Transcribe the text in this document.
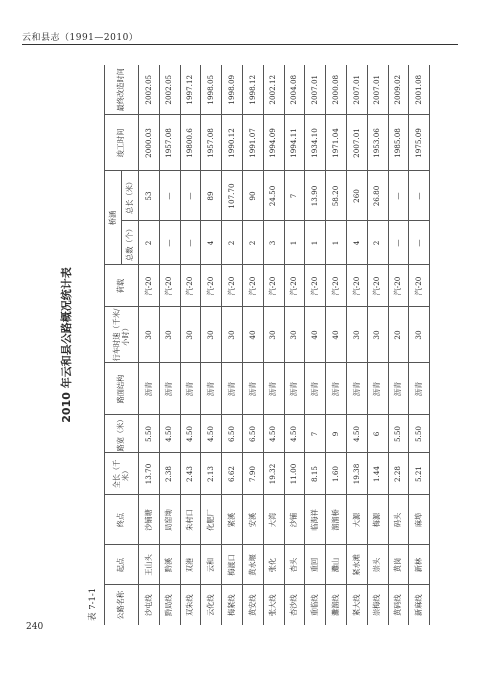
云和县志（1991—2010）
2010 年云和县公路概况统计表
表 7-1-1	公路名称	起点	终点	全长（千米）	路宽（米）	路面结构	行车时速（千米/小时）	荷载	桥涵		竣工时间	最终改造时间
								总数（个）	总长（米）		
沙屯线	王山头	沙铺塘	13.70	5.50	沥青	30	汽-20	2	53	2000.03	2002.05
黔局线	黔溪	局窑坳	2.38	4.50	沥青	30	汽-20	—	—	1957.08	2002.05
双朱线	双港	朱村口	2.43	4.50	沥青	30	汽-20	—	—	19800.6	1997.12
云化线	云和	化肥厂	2.13	4.50	沥青	30	汽-20	4	89	1957.08	1998.05
梅紧线	梅渡口	紧溪	6.62	6.50	沥青	30	汽-20	2	107.70	1990.12	1998.09
黄安线	黄水堰	安溪	7.90	6.50	沥青	40	汽-20	2	90	1991.07	1998.12
张大线	张化	大湾	19.32	4.50	沥青	30	汽-20	3	24.50	1994.09	2002.12
杏沙线	杏头	沙铺	11.00	4.50	沥青	30	汽-20	1	7	1994.11	2004.08
重临线	重回	临海祥	8.15	7	沥青	40	汽-20	1	13.90	1934.10	2007.01
灘溜线	灘山	溜溜桥	1.60	9	沥青	40	汽-20	1	58.20	1971.04	2000.08
紧大线	紧水滩	大源	19.38	4.50	沥青	30	汽-20	4	260	2007.01	2007.01
崇梅线	崇头	梅源	1.44	6	沥青	30	汽-20	2	26.80	1953.06	2007.01
黄码线	黄岗	码头	2.28	5.50	沥青	20	汽-20	—	—	1985.08	2009.02
新麻线	新林	麻埠	5.21	5.50	沥青	30	汽-20	—	—	1975.09	2001.08
240
